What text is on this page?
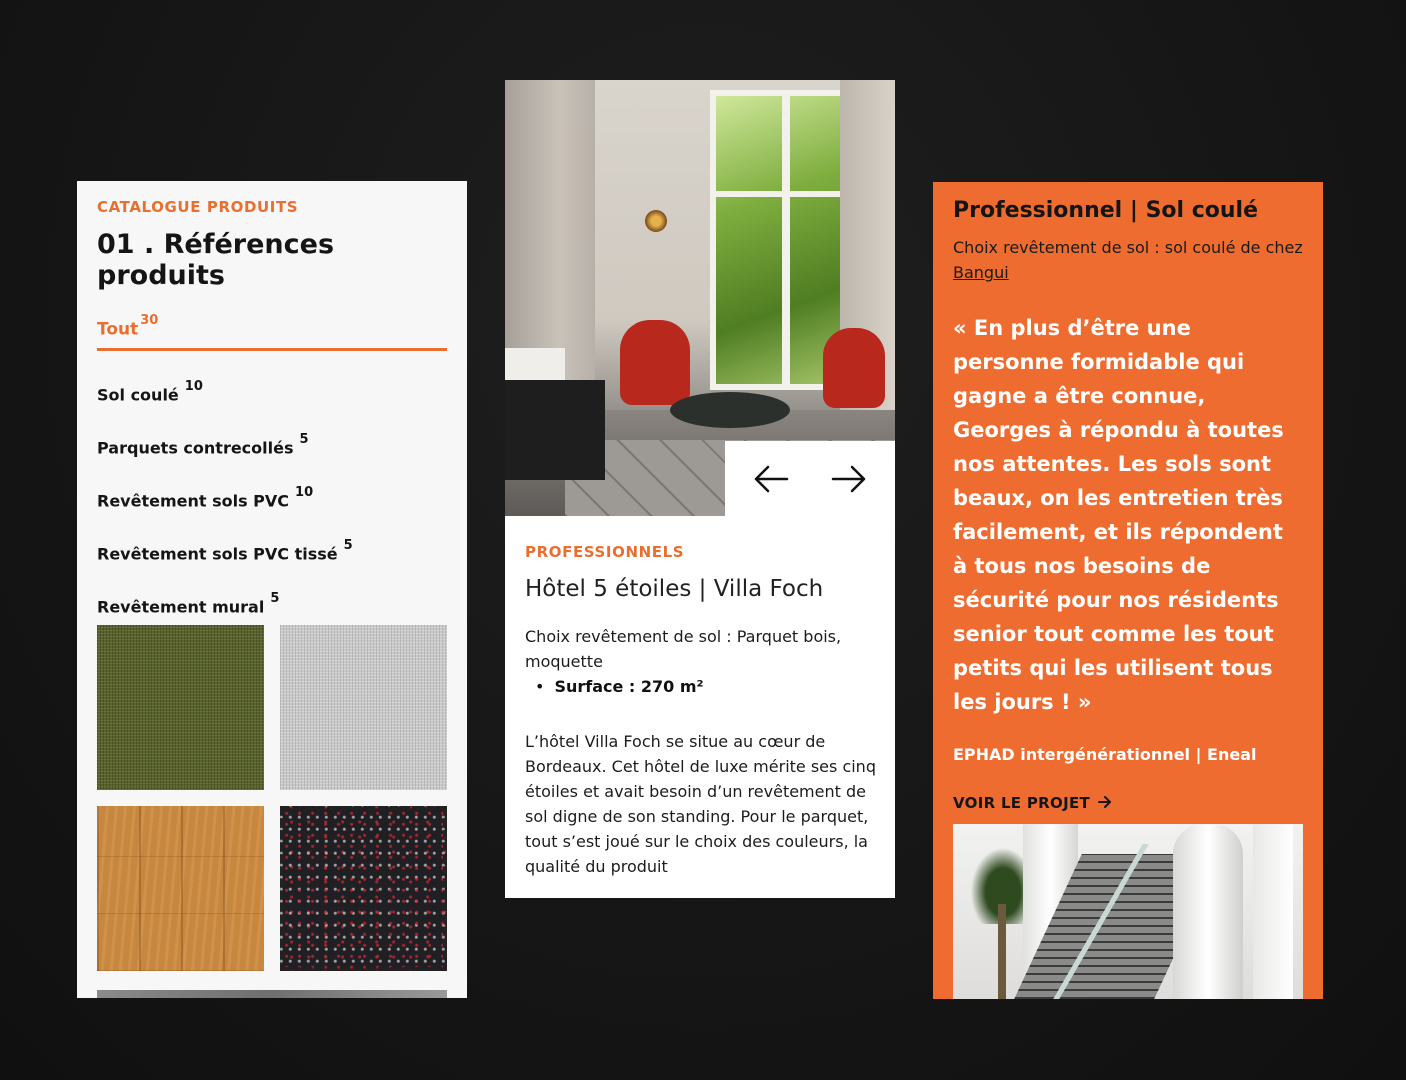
CATALOGUE PRODUITS
01 . Références produits
Tout $^{30}$
Sol coulé $^{10}$
Parquets contrecollés $^5$
Revêtement sols PVC $^{10}$
Revêtement sols PVC tissé $^5$
Revêtement mural $^5$
PROFESSIONNELS
Hôtel 5 étoiles | Villa Foch
Choix revêtement de sol : Parquet bois, moquette
• Surface : 270 m²
L’hôtel Villa Foch se situe au cœur de Bordeaux. Cet hôtel de luxe mérite ses cinq étoiles et avait besoin d’un revêtement de sol digne de son standing. Pour le parquet, tout s’est joué sur le choix des couleurs, la qualité du produit
Professionnel | Sol coulé
Choix revêtement de sol : sol coulé de chez Bangui
« En plus d’être une personne formidable qui gagne a être connue, Georges à répondu à toutes nos attentes. Les sols sont beaux, on les entretien très facilement, et ils répondent à tous nos besoins de sécurité pour nos résidents senior tout comme les tout petits qui les utilisent tous les jours ! »
EPHAD intergénérationnel | Eneal
VOIR LE PROJET
